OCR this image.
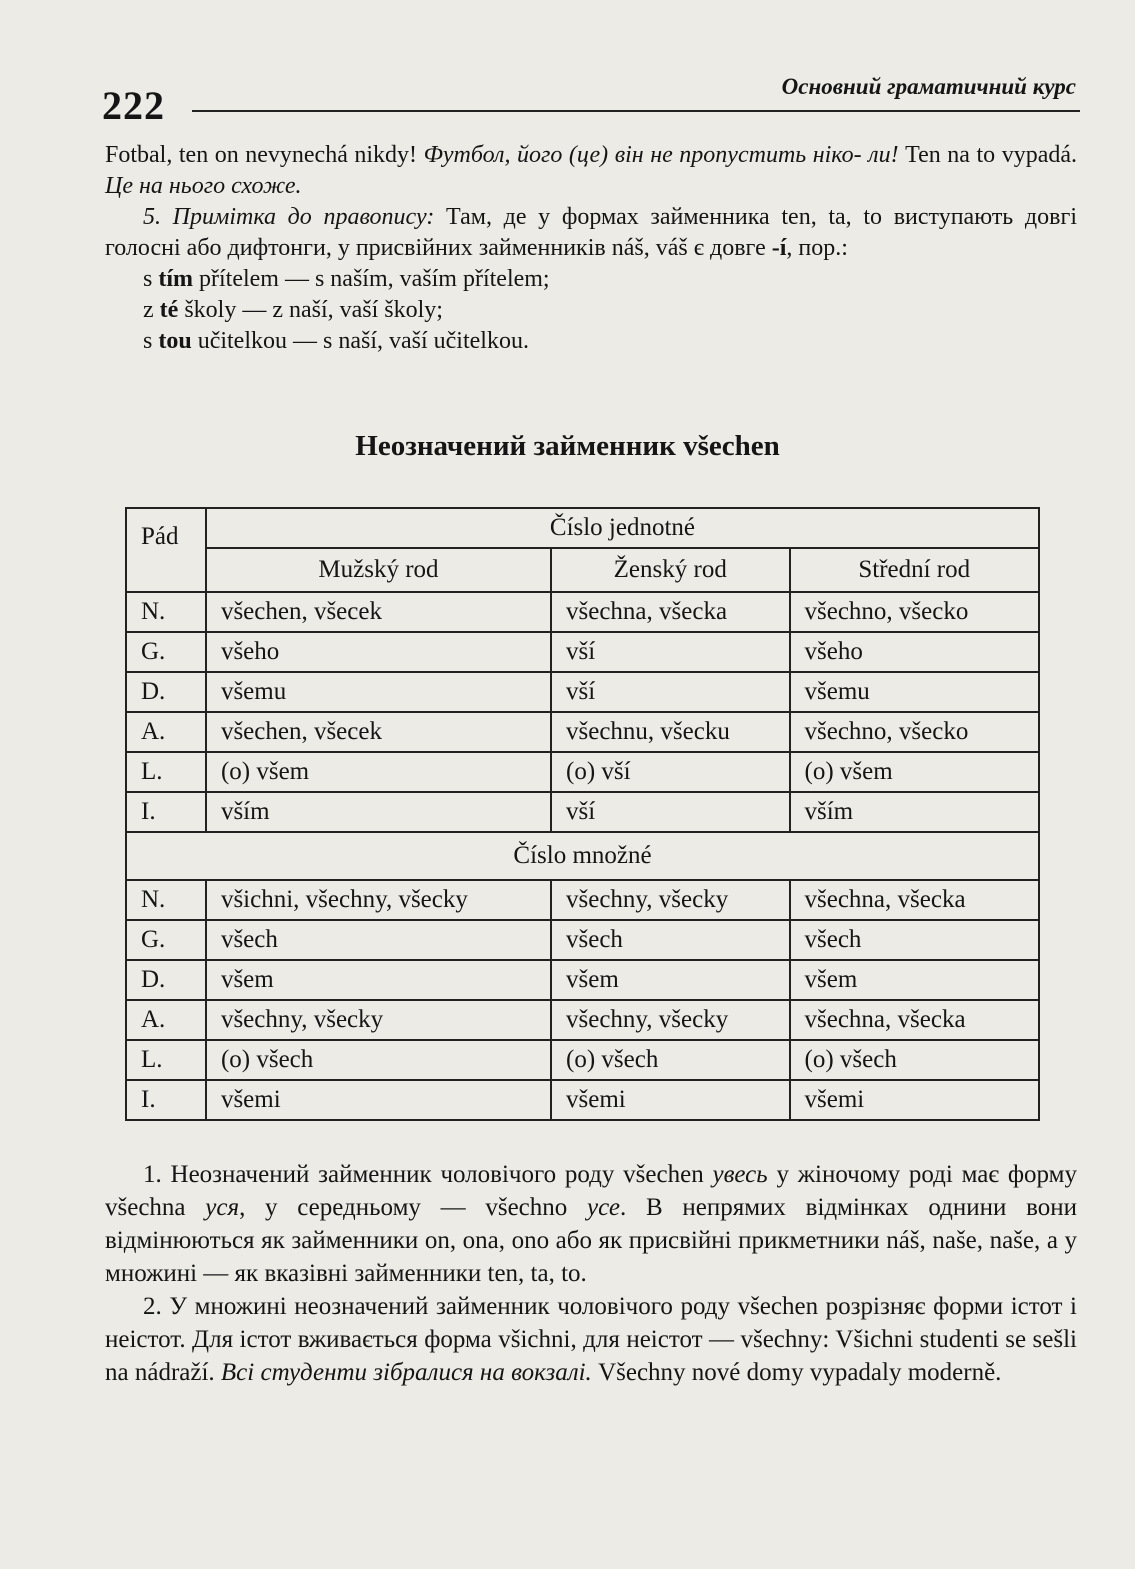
222	Основний граматичний курс

Fotbal, ten on nevynechá nikdy! Футбол, його (це) він не пропустить ніко- ли! Ten na to vypadá. Це на нього схоже.

5. Примітка до правопису: Там, де у формах займенника ten, ta, to виступають довгі голосні або дифтонги, у присвійних займенників náš, váš є довге -í, пор.:

s tím přítelem — s naším, vaším přítelem;

z té školy — z naší, vaší školy;

s tou učitelkou — s naší, vaší učitelkou.

Неозначений займенник všechen
Pád	Číslo jednotné		
	Mužský rod	Ženský rod	Střední rod
N.	všechen, všecek	všechna, všecka	všechno, všecko
G.	všeho	vší	všeho
D.	všemu	vší	všemu
A.	všechen, všecek	všechnu, všecku	všechno, všecko
L.	(o) všem	(o) vší	(o) všem
I.	vším	vší	vším
Číslo množné			
N.	všichni, všechny, všecky	všechny, všecky	všechna, všecka
G.	všech	všech	všech
D.	všem	všem	všem
A.	všechny, všecky	všechny, všecky	všechna, všecka
L.	(o) všech	(o) všech	(o) všech
I.	všemi	všemi	všemi

1. Неозначений займенник чоловічого роду všechen увесь у жіночому роді має форму všechna уся, у середньому — všechno усе. В непрямих відмінках однини вони відмінюються як займенники on, ona, ono або як присвійні прикметники náš, naše, naše, а у множині — як вказівні займенники ten, ta, to.

2. У множині неозначений займенник чоловічого роду všechen розрізняє форми істот і неістот. Для істот вживається форма všichni, для неістот — všechny: Všichni studenti se sešli na nádraží. Всі студенти зібралися на вокзалі. Všechny nové domy vypadaly moderně.
